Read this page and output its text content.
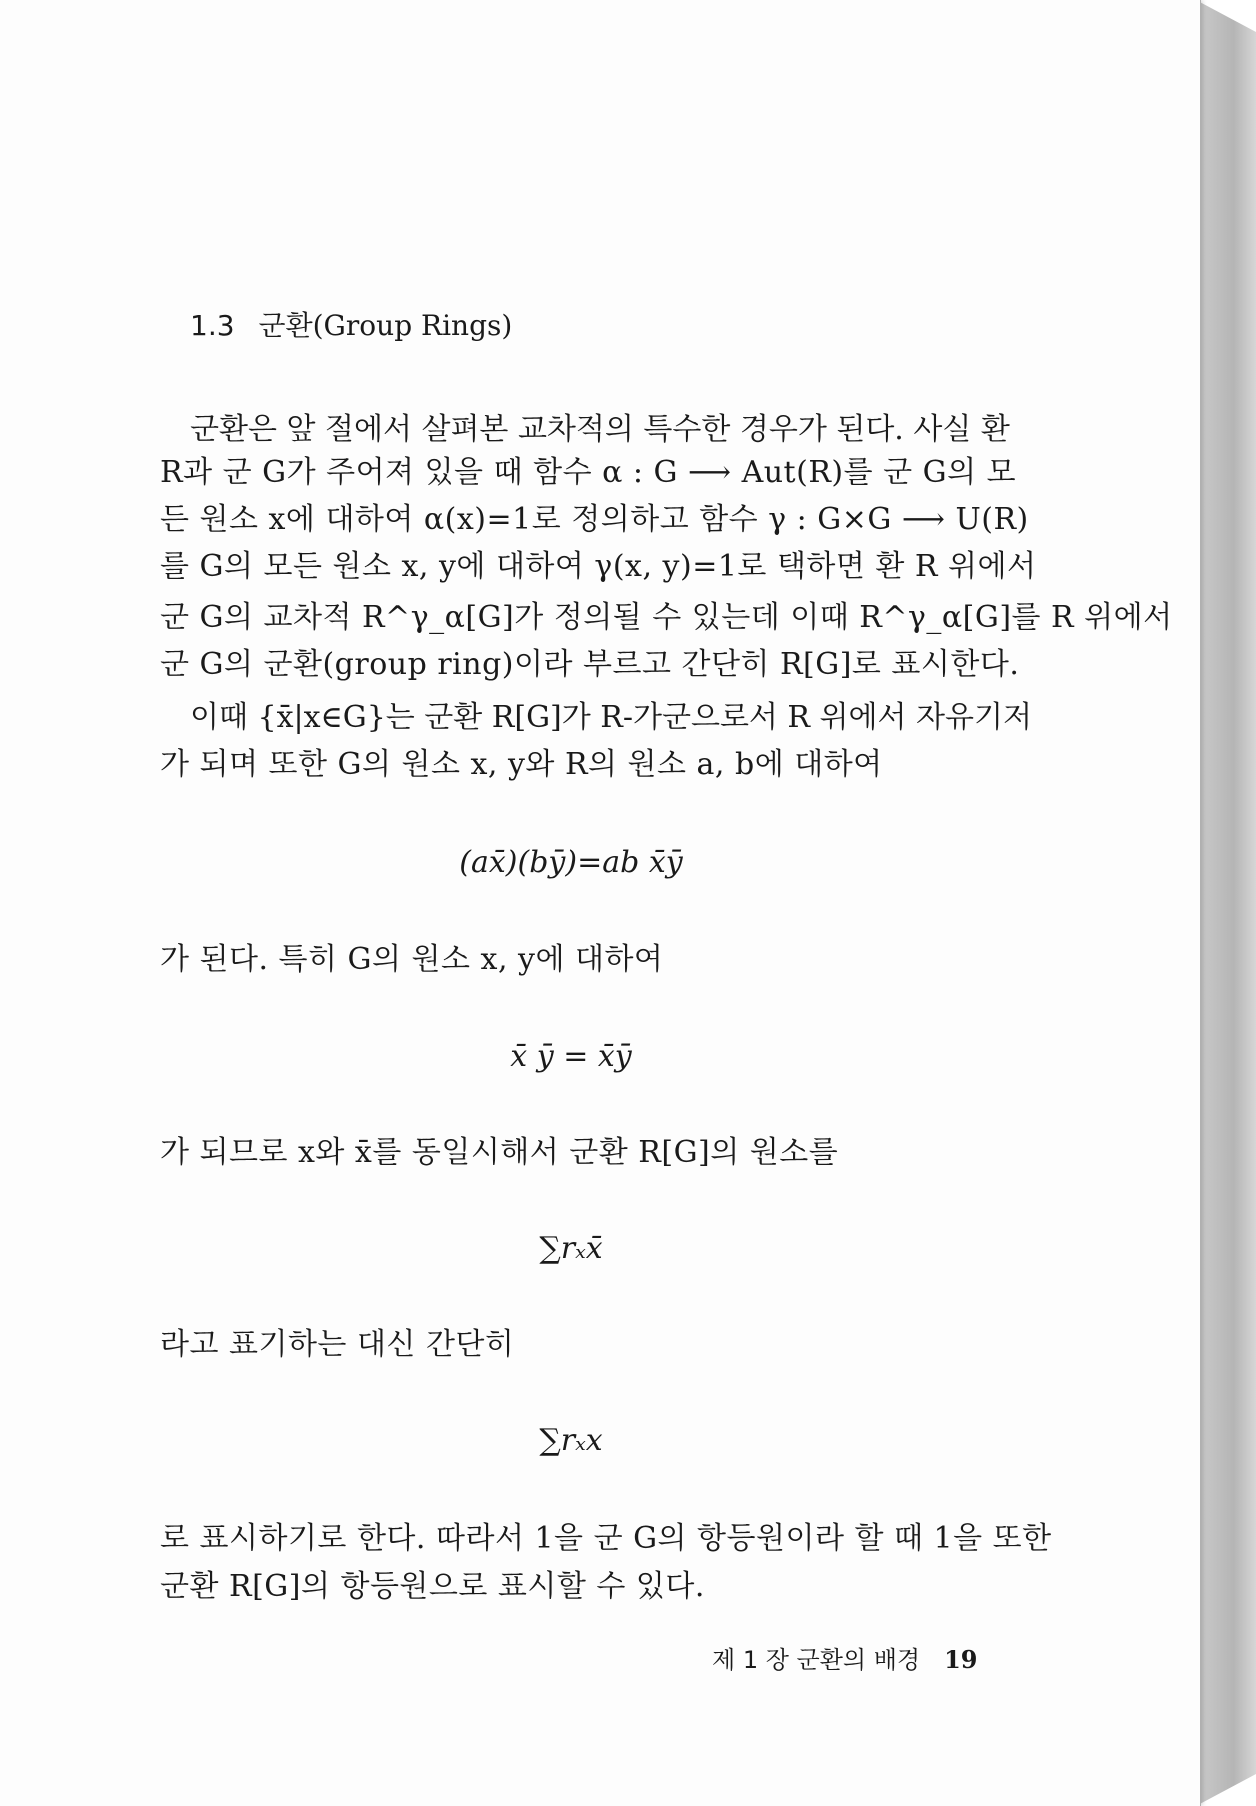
1.3 군환(Group Rings)
군환은 앞 절에서 살펴본 교차적의 특수한 경우가 된다. 사실 환
R과 군 G가 주어져 있을 때 함수 α : G ⟶ Aut(R)를 군 G의 모
든 원소 x에 대하여 α(x)=1로 정의하고 함수 γ : G×G ⟶ U(R)
를 G의 모든 원소 x, y에 대하여 γ(x, y)=1로 택하면 환 R 위에서
군 G의 교차적 R^γ_α[G]가 정의될 수 있는데 이때 R^γ_α[G]를 R 위에서
군 G의 군환(group ring)이라 부르고 간단히 R[G]로 표시한다.
이때 {x̄|x∈G}는 군환 R[G]가 R-가군으로서 R 위에서 자유기저
가 되며 또한 G의 원소 x, y와 R의 원소 a, b에 대하여
(ax̄)(bȳ)=ab x̄ȳ
가 된다. 특히 G의 원소 x, y에 대하여
x̄ ȳ = x̄ȳ
가 되므로 x와 x̄를 동일시해서 군환 R[G]의 원소를
∑rₓx̄
라고 표기하는 대신 간단히
∑rₓx
로 표시하기로 한다. 따라서 1을 군 G의 항등원이라 할 때 1을 또한
군환 R[G]의 항등원으로 표시할 수 있다.
제 1 장 군환의 배경 19
